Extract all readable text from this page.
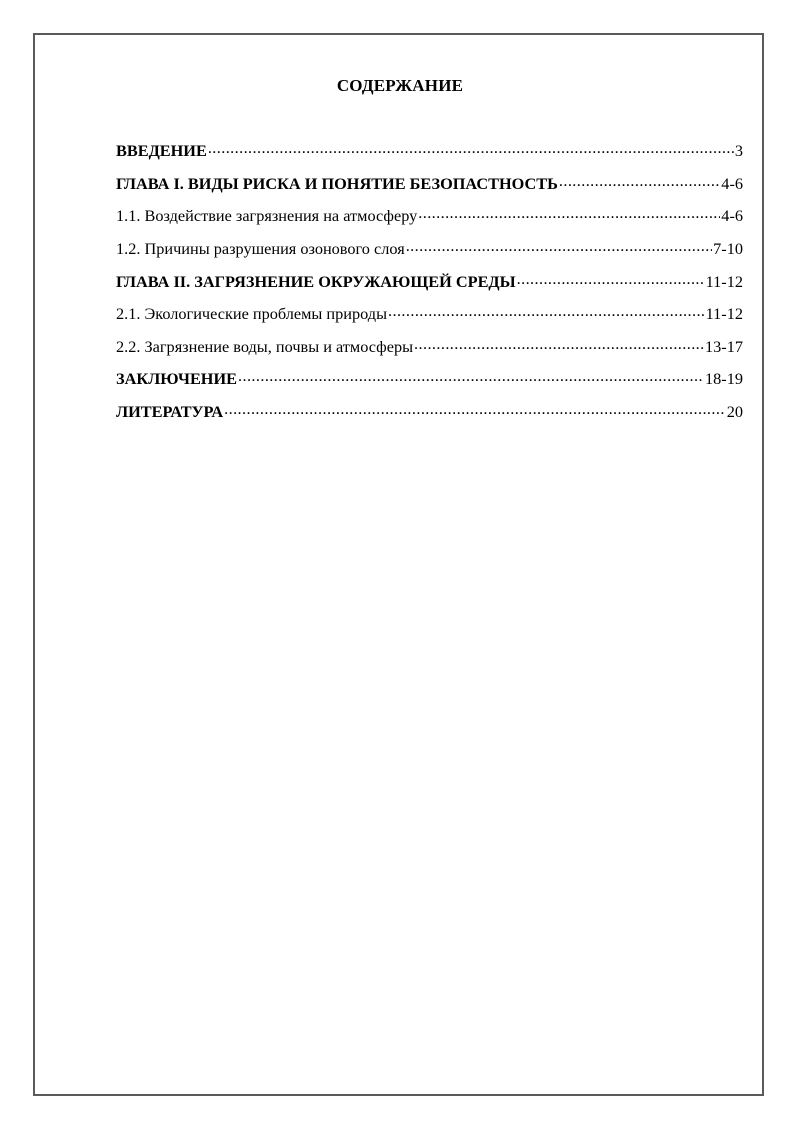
СОДЕРЖАНИЕ
ВВЕДЕНИЕ .....	3
ГЛАВА I. ВИДЫ РИСКА И ПОНЯТИЕ БЕЗОПАСТНОСТЬ .....	4-6
1.1. Воздействие загрязнения на атмосферу .....	4-6
1.2. Причины разрушения озонового слоя .....	7-10
ГЛАВА II. ЗАГРЯЗНЕНИЕ ОКРУЖАЮЩЕЙ СРЕДЫ .....	11-12
2.1. Экологические проблемы природы .....	11-12
2.2. Загрязнение воды, почвы и атмосферы .....	13-17
ЗАКЛЮЧЕНИЕ .....	18-19
ЛИТЕРАТУРА .....	20
